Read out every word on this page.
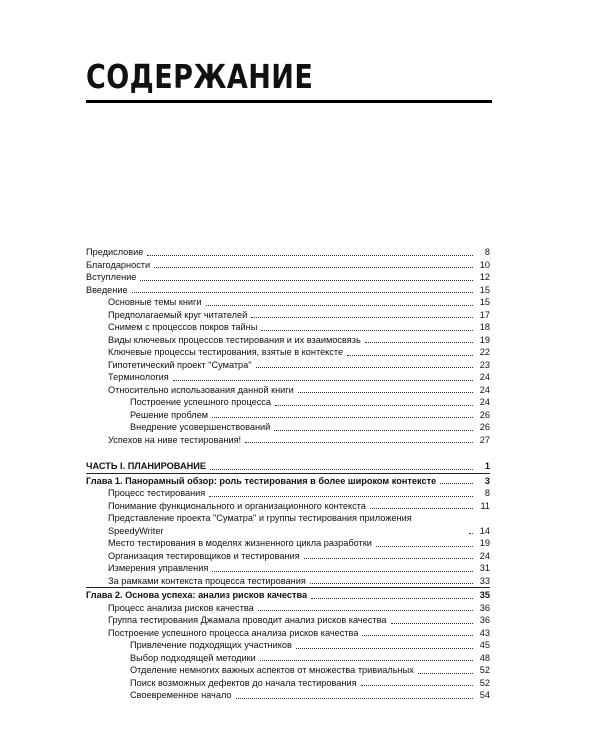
СОДЕРЖАНИЕ
Предисловие	8
Благодарности	10
Вступление	12
Введение	15
Основные темы книги	15
Предполагаемый круг читателей	17
Снимем с процессов покров тайны	18
Виды ключевых процессов тестирования и их взаимосвязь	19
Ключевые процессы тестирования, взятые в контексте	22
Гипотетический проект "Суматра"	23
Терминология	24
Относительно использования данной книги	24
Построение успешного процесса	24
Решение проблем	26
Внедрение усовершенствований	26
Успехов на ниве тестирования!	27
ЧАСТЬ I. ПЛАНИРОВАНИЕ	1
Глава 1. Панорамный обзор: роль тестирования в более широком контексте	3
Процесс тестирования	8
Понимание функционального и организационного контекста	11
Представление проекта "Суматра" и группы тестирования приложения SpeedyWriter	14
Место тестирования в моделях жизненного цикла разработки	19
Организация тестировщиков и тестирования	24
Измерения управления	31
За рамками контекста процесса тестирования	33
Глава 2. Основа успеха: анализ рисков качества	35
Процесс анализа рисков качества	36
Группа тестирования Джамала проводит анализ рисков качества	36
Построение успешного процесса анализа рисков качества	43
Привлечение подходящих участников	45
Выбор подходящей методики	48
Отделение немногих важных аспектов от множества тривиальных	52
Поиск возможных дефектов до начала тестирования	52
Своевременное начало	54
